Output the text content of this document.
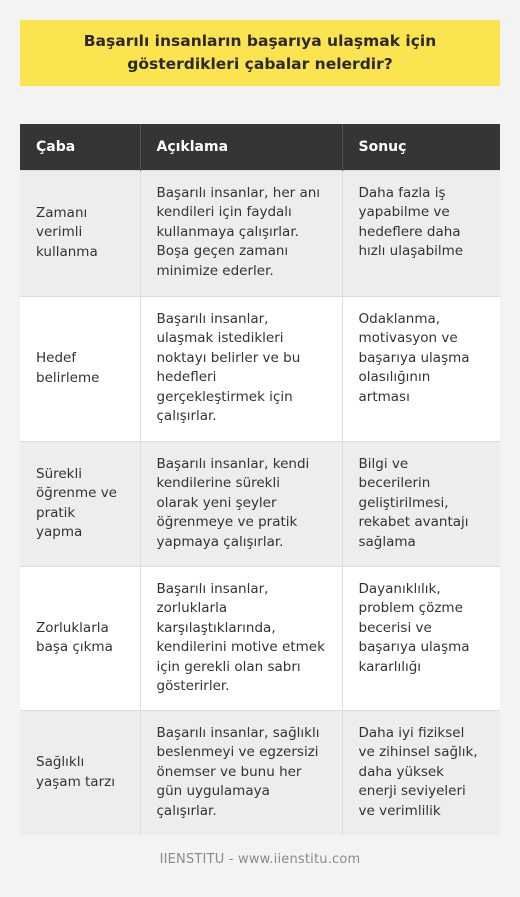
Başarılı insanların başarıya ulaşmak için gösterdikleri çabalar nelerdir?
Çaba	Açıklama	Sonuç
Zamanı verimli kullanma	Başarılı insanlar, her anı kendileri için faydalı kullanmaya çalışırlar. Boşa geçen zamanı minimize ederler.	Daha fazla iş yapabilme ve hedeflere daha hızlı ulaşabilme

Hedef belirleme	Başarılı insanlar, ulaşmak istedikleri noktayı belirler ve bu hedefleri gerçekleştirmek için çalışırlar.	Odaklanma, motivasyon ve başarıya ulaşma olasılığının artması

Sürekli öğrenme ve pratik yapma	Başarılı insanlar, kendi kendilerine sürekli olarak yeni şeyler öğrenmeye ve pratik yapmaya çalışırlar.	Bilgi ve becerilerin geliştirilmesi, rekabet avantajı sağlama

Zorluklarla başa çıkma	Başarılı insanlar, zorluklarla karşılaştıklarında, kendilerini motive etmek için gerekli olan sabrı gösterirler.	Dayanıklılık, problem çözme becerisi ve başarıya ulaşma kararlılığı

Sağlıklı yaşam tarzı	Başarılı insanlar, sağlıklı beslenmeyi ve egzersizi önemser ve bunu her gün uygulamaya çalışırlar.	Daha iyi fiziksel ve zihinsel sağlık, daha yüksek enerji seviyeleri ve verimlilik
IIENSTITU - www.iienstitu.com
